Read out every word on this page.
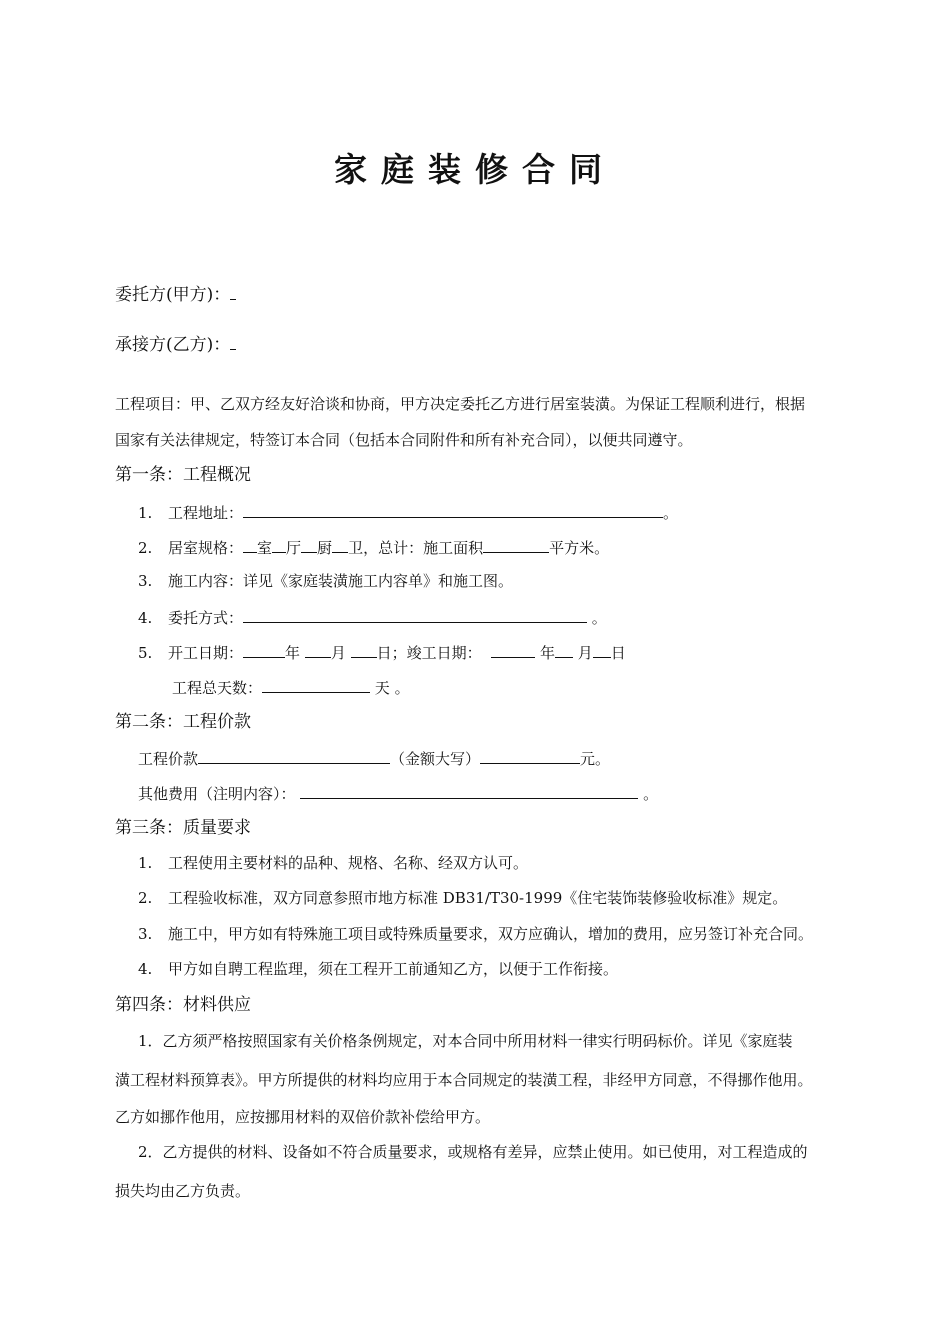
家庭装修合同
委托方(甲方)：
承接方(乙方)：
工程项目：甲、乙双方经友好洽谈和协商，甲方决定委托乙方进行居室装潢。为保证工程顺利进行，根据
国家有关法律规定，特签订本合同（包括本合同附件和所有补充合同），以便共同遵守。
第一条：工程概况
1. 工程地址：	。
2. 居室规格： 室 厅 厨 卫，总计：施工面积	平方米。
3. 施工内容：详见《家庭装潢施工内容单》和施工图。
4. 委托方式：	。
5. 开工日期：	年 月 日；竣工日期：	年 月 日
工程总天数：	天 。
第二条：工程价款
工程价款	（金额大写）	元。
其他费用（注明内容）：	。
第三条：质量要求
1. 工程使用主要材料的品种、规格、名称、经双方认可。
2. 工程验收标准，双方同意参照市地方标准 DB31/T30-1999《住宅装饰装修验收标准》规定。
3. 施工中，甲方如有特殊施工项目或特殊质量要求，双方应确认，增加的费用，应另签订补充合同。
4. 甲方如自聘工程监理，须在工程开工前通知乙方，以便于工作衔接。
第四条：材料供应
1．乙方须严格按照国家有关价格条例规定，对本合同中所用材料一律实行明码标价。详见《家庭装
潢工程材料预算表》。甲方所提供的材料均应用于本合同规定的装潢工程，非经甲方同意，不得挪作他用。
乙方如挪作他用，应按挪用材料的双倍价款补偿给甲方。
2．乙方提供的材料、设备如不符合质量要求，或规格有差异，应禁止使用。如已使用，对工程造成的
损失均由乙方负责。
